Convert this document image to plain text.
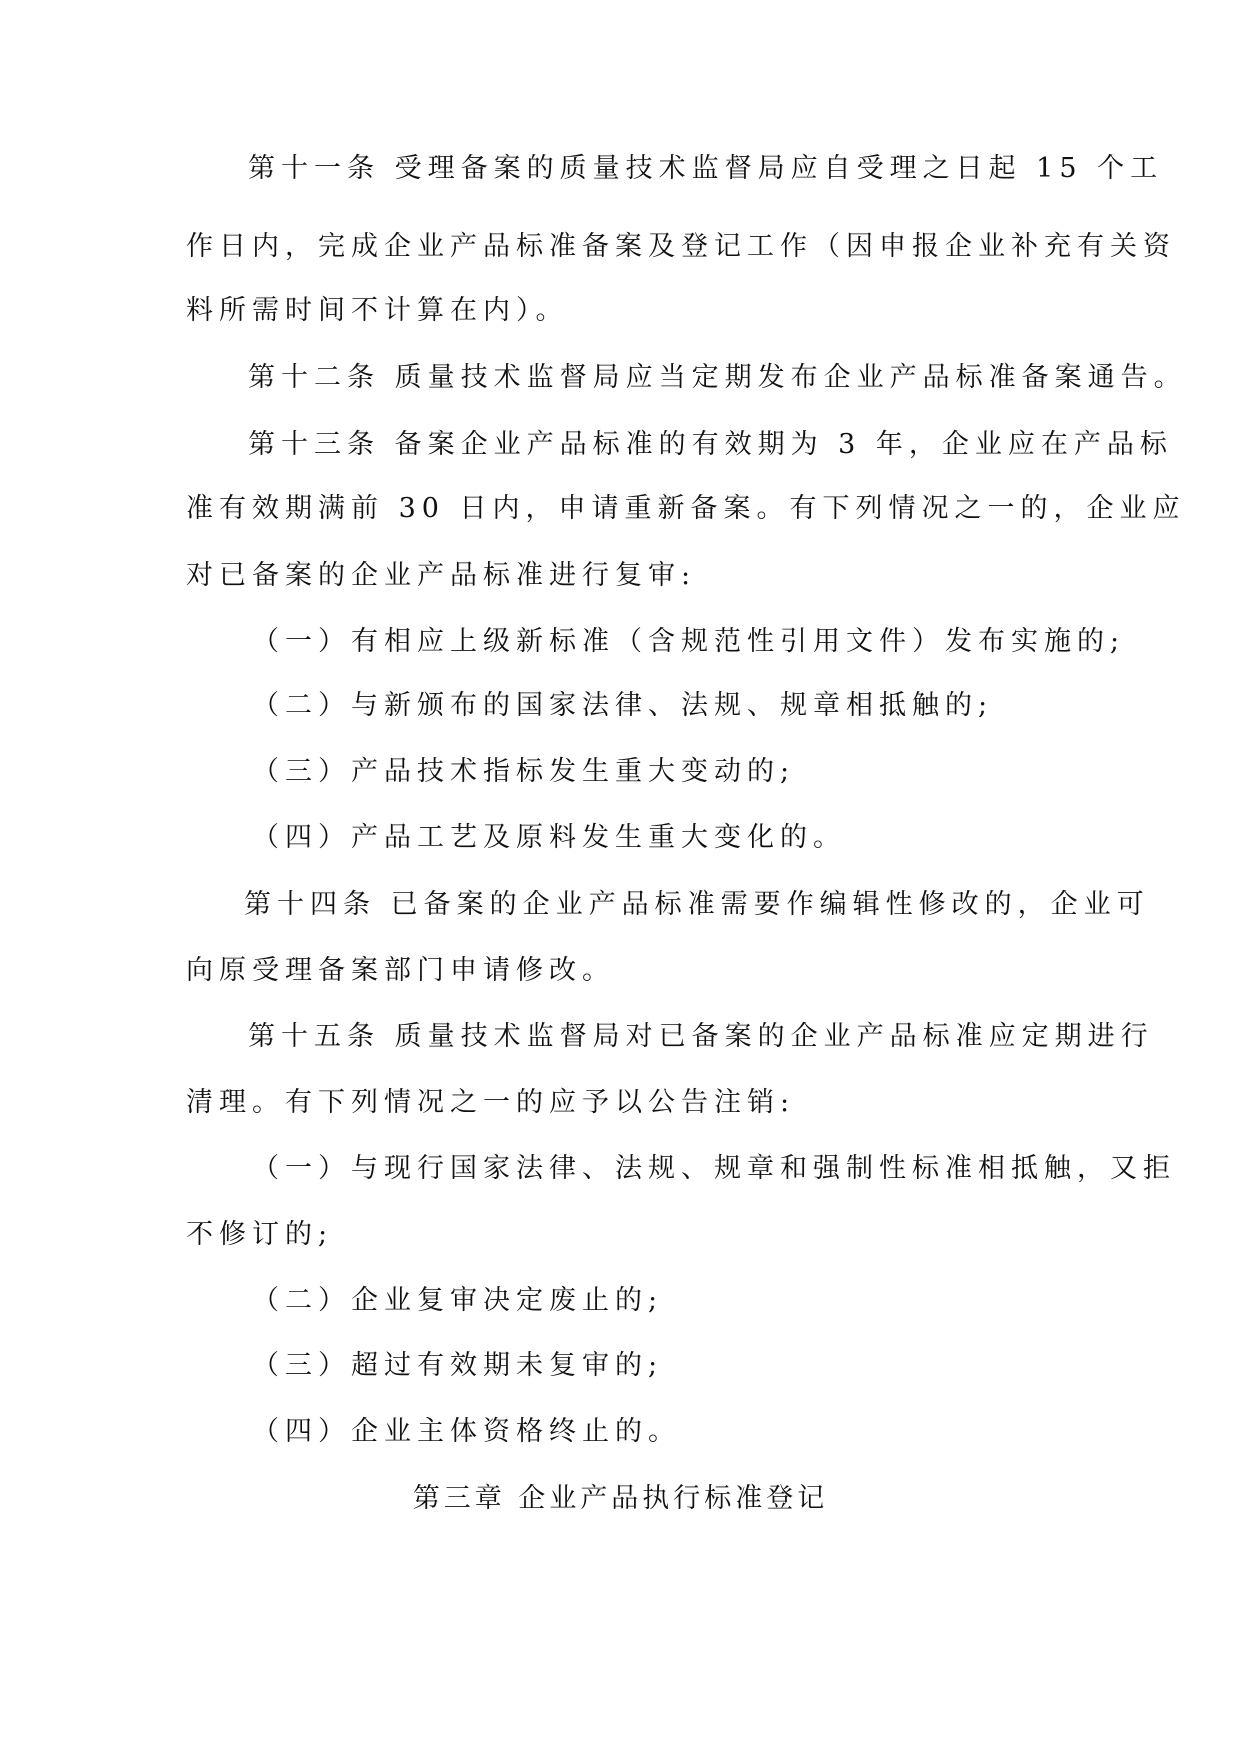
第十一条 受理备案的质量技术监督局应自受理之日起 15 个工
作日内，完成企业产品标准备案及登记工作（因申报企业补充有关资
料所需时间不计算在内）。
第十二条 质量技术监督局应当定期发布企业产品标准备案通告。
第十三条 备案企业产品标准的有效期为 3 年，企业应在产品标
准有效期满前 30 日内，申请重新备案。有下列情况之一的，企业应
对已备案的企业产品标准进行复审:
（一）有相应上级新标准（含规范性引用文件）发布实施的;
（二）与新颁布的国家法律、法规、规章相抵触的;
（三）产品技术指标发生重大变动的;
（四）产品工艺及原料发生重大变化的。
第十四条 已备案的企业产品标准需要作编辑性修改的，企业可
向原受理备案部门申请修改。
第十五条 质量技术监督局对已备案的企业产品标准应定期进行
清理。有下列情况之一的应予以公告注销:
（一）与现行国家法律、法规、规章和强制性标准相抵触，又拒
不修订的;
（二）企业复审决定废止的;
（三）超过有效期未复审的;
（四）企业主体资格终止的。
第三章 企业产品执行标准登记
